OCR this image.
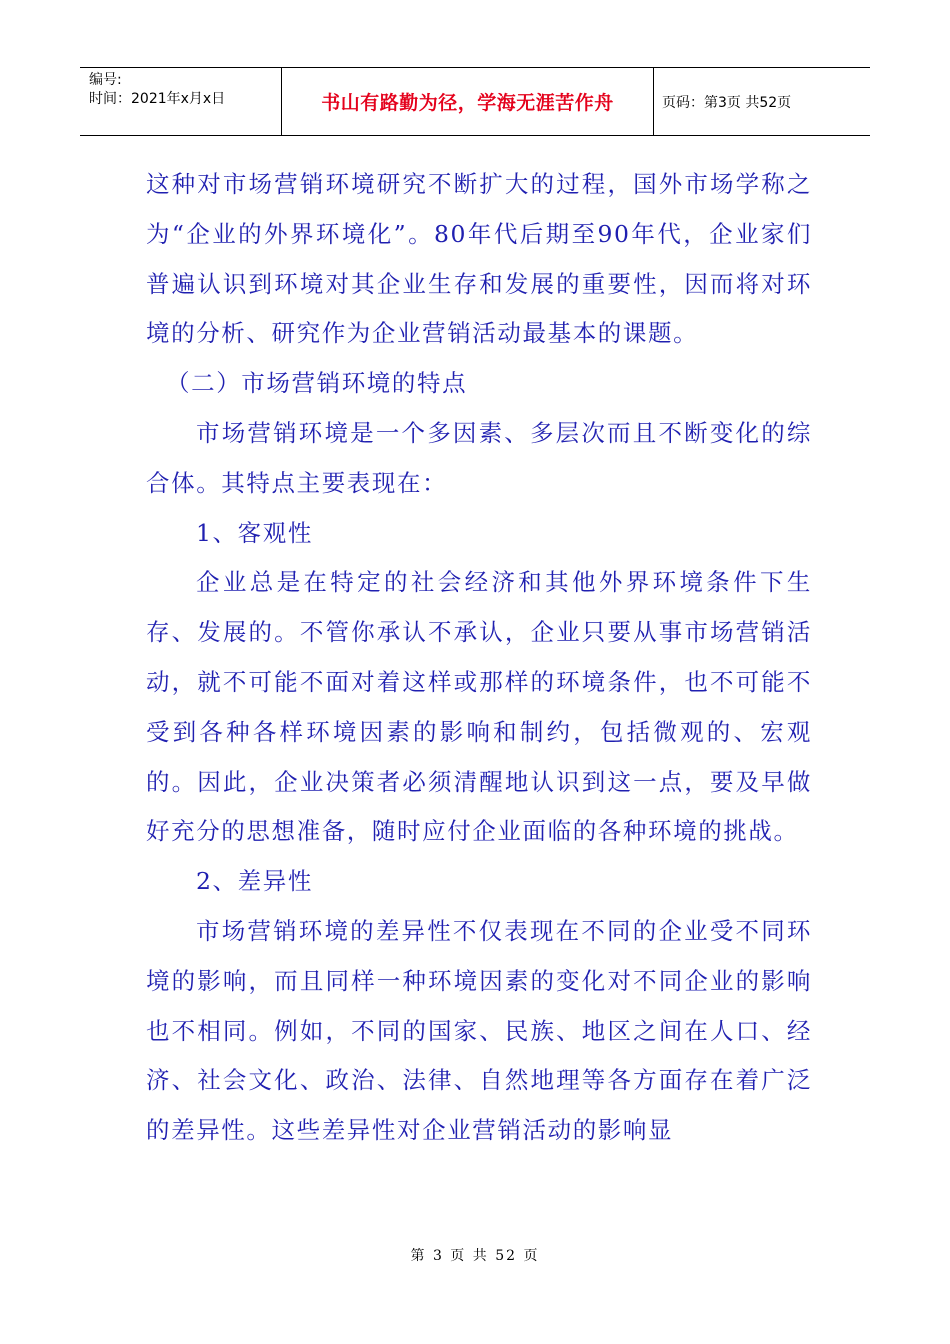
编号:
时间：2021年x月x日	书山有路勤为径，学海无涯苦作舟	页码：第3页 共52页

这种对市场营销环境研究不断扩大的过程，国外市场学称之为“企业的外界环境化”。80年代后期至90年代，企业家们普遍认识到环境对其企业生存和发展的重要性，因而将对环境的分析、研究作为企业营销活动最基本的课题。

（二）市场营销环境的特点

市场营销环境是一个多因素、多层次而且不断变化的综合体。其特点主要表现在：

1、客观性

企业总是在特定的社会经济和其他外界环境条件下生存、发展的。不管你承认不承认，企业只要从事市场营销活动，就不可能不面对着这样或那样的环境条件，也不可能不受到各种各样环境因素的影响和制约，包括微观的、宏观的。因此，企业决策者必须清醒地认识到这一点，要及早做好充分的思想准备，随时应付企业面临的各种环境的挑战。

2、差异性

市场营销环境的差异性不仅表现在不同的企业受不同环境的影响，而且同样一种环境因素的变化对不同企业的影响也不相同。例如，不同的国家、民族、地区之间在人口、经济、社会文化、政治、法律、自然地理等各方面存在着广泛的差异性。这些差异性对企业营销活动的影响显

第 3 页 共 52 页
